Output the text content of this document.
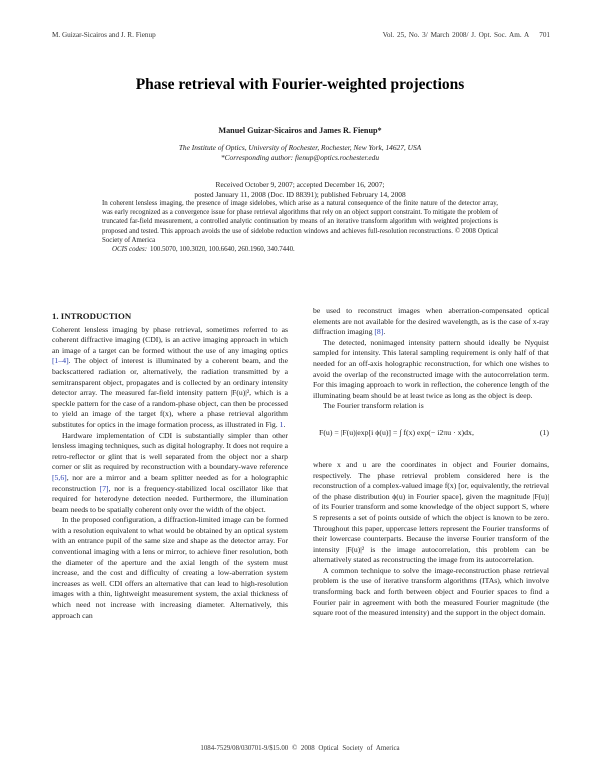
M. Guizar-Sicairos and J. R. Fienup	Vol. 25, No. 3/ March 2008/ J. Opt. Soc. Am. A 701
Phase retrieval with Fourier-weighted projections
Manuel Guizar-Sicairos and James R. Fienup*
The Institute of Optics, University of Rochester, Rochester, New York, 14627, USA
*Corresponding author: fienup@optics.rochester.edu
Received October 9, 2007; accepted December 16, 2007;
posted January 11, 2008 (Doc. ID 88391); published February 14, 2008
In coherent lensless imaging, the presence of image sidelobes, which arise as a natural consequence of the finite nature of the detector array, was early recognized as a convergence issue for phase retrieval algorithms that rely on an object support constraint. To mitigate the problem of truncated far-field measurement, a controlled analytic continuation by means of an iterative transform algorithm with weighted projections is proposed and tested. This approach avoids the use of sidelobe reduction windows and achieves full-resolution reconstructions. © 2008 Optical Society of America
OCIS codes: 100.5070, 100.3020, 100.6640, 260.1960, 340.7440.
1. INTRODUCTION

Coherent lensless imaging by phase retrieval, sometimes referred to as coherent diffractive imaging (CDI), is an active imaging approach in which an image of a target can be formed without the use of any imaging optics [1–4]. The object of interest is illuminated by a coherent beam, and the backscattered radiation or, alternatively, the radiation transmitted by a semitransparent object, propagates and is collected by an ordinary intensity detector array. The measured far-field intensity pattern |F(u)|², which is a speckle pattern for the case of a random-phase object, can then be processed to yield an image of the target f(x), where a phase retrieval algorithm substitutes for optics in the image formation process, as illustrated in Fig. 1.

Hardware implementation of CDI is substantially simpler than other lensless imaging techniques, such as digital holography. It does not require a retro-reflector or glint that is well separated from the object nor a sharp corner or slit as required by reconstruction with a boundary-wave reference [5,6], nor are a mirror and a beam splitter needed as for a holographic reconstruction [7], nor is a frequency-stabilized local oscillator like that required for heterodyne detection needed. Furthermore, the illumination beam needs to be spatially coherent only over the width of the object.

In the proposed configuration, a diffraction-limited image can be formed with a resolution equivalent to what would be obtained by an optical system with an entrance pupil of the same size and shape as the detector array. For conventional imaging with a lens or mirror, to achieve finer resolution, both the diameter of the aperture and the axial length of the system must increase, and the cost and difficulty of creating a low-aberration system increases as well. CDI offers an alternative that can lead to high-resolution images with a thin, lightweight measurement system, the axial thickness of which need not increase with increasing diameter. Alternatively, this approach can

be used to reconstruct images when aberration-compensated optical elements are not available for the desired wavelength, as is the case of x-ray diffraction imaging [8].

The detected, nonimaged intensity pattern should ideally be Nyquist sampled for intensity. This lateral sampling requirement is only half of that needed for an off-axis holographic reconstruction, for which one wishes to avoid the overlap of the reconstructed image with the autocorrelation term. For this imaging approach to work in reflection, the coherence length of the illuminating beam should be at least twice as long as the object is deep.

The Fourier transform relation is

F(u) = |F(u)|exp[i ϕ(u)] = ∫ f(x) exp(− i2πu · x)dx,	(1)

where x and u are the coordinates in object and Fourier domains, respectively. The phase retrieval problem considered here is the reconstruction of a complex-valued image f(x) [or, equivalently, the retrieval of the phase distribution ϕ(u) in Fourier space], given the magnitude |F(u)| of its Fourier transform and some knowledge of the object support S, where S represents a set of points outside of which the object is known to be zero. Throughout this paper, uppercase letters represent the Fourier transforms of their lowercase counterparts. Because the inverse Fourier transform of the intensity |F(u)|² is the image autocorrelation, this problem can be alternatively stated as reconstructing the image from its autocorrelation.

A common technique to solve the image-reconstruction phase retrieval problem is the use of iterative transform algorithms (ITAs), which involve transforming back and forth between object and Fourier spaces to find a Fourier pair in agreement with both the measured Fourier magnitude (the square root of the measured intensity) and the support in the object domain.

1084-7529/08/030701-9/$15.00 © 2008 Optical Society of America
